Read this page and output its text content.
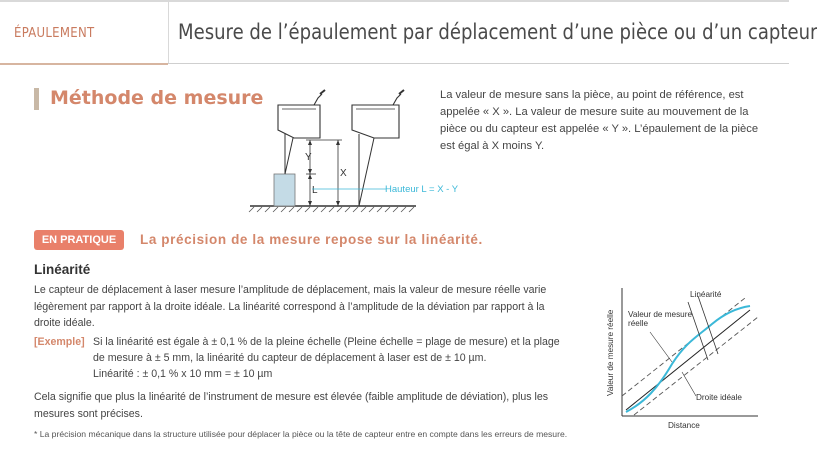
ÉPAULEMENT	Mesure de l’épaulement par déplacement d’une pièce ou d’un capteur
Méthode de mesure	La valeur de mesure sans la pièce, au point de référence, est appelée « X ». La valeur de mesure suite au mouvement de la pièce ou du capteur est appelée « Y ». L’épaulement de la pièce est égal à X moins Y.
Y
X
L	Hauteur L = X - Y
EN PRATIQUE	La précision de la mesure repose sur la linéarité.
Linéarité
Le capteur de déplacement à laser mesure l’amplitude de déplacement, mais la valeur de mesure réelle varie légèrement par rapport à la droite idéale. La linéarité correspond à l’amplitude de la déviation par rapport à la droite idéale.
[Exemple] Si la linéarité est égale à ± 0,1 % de la pleine échelle (Pleine échelle = plage de mesure) et la plage
de mesure à ± 5 mm, la linéarité du capteur de déplacement à laser est de ± 10 µm.
Linéarité : ± 0,1 % x 10 mm = ± 10 µm
Cela signifie que plus la linéarité de l’instrument de mesure est élevée (faible amplitude de déviation), plus les mesures sont précises.
* La précision mécanique dans la structure utilisée pour déplacer la pièce ou la tête de capteur entre en compte dans les erreurs de mesure.
Valeur de mesure réelle
Distance
Linéarité
Valeur de mesure réelle
Droite idéale
